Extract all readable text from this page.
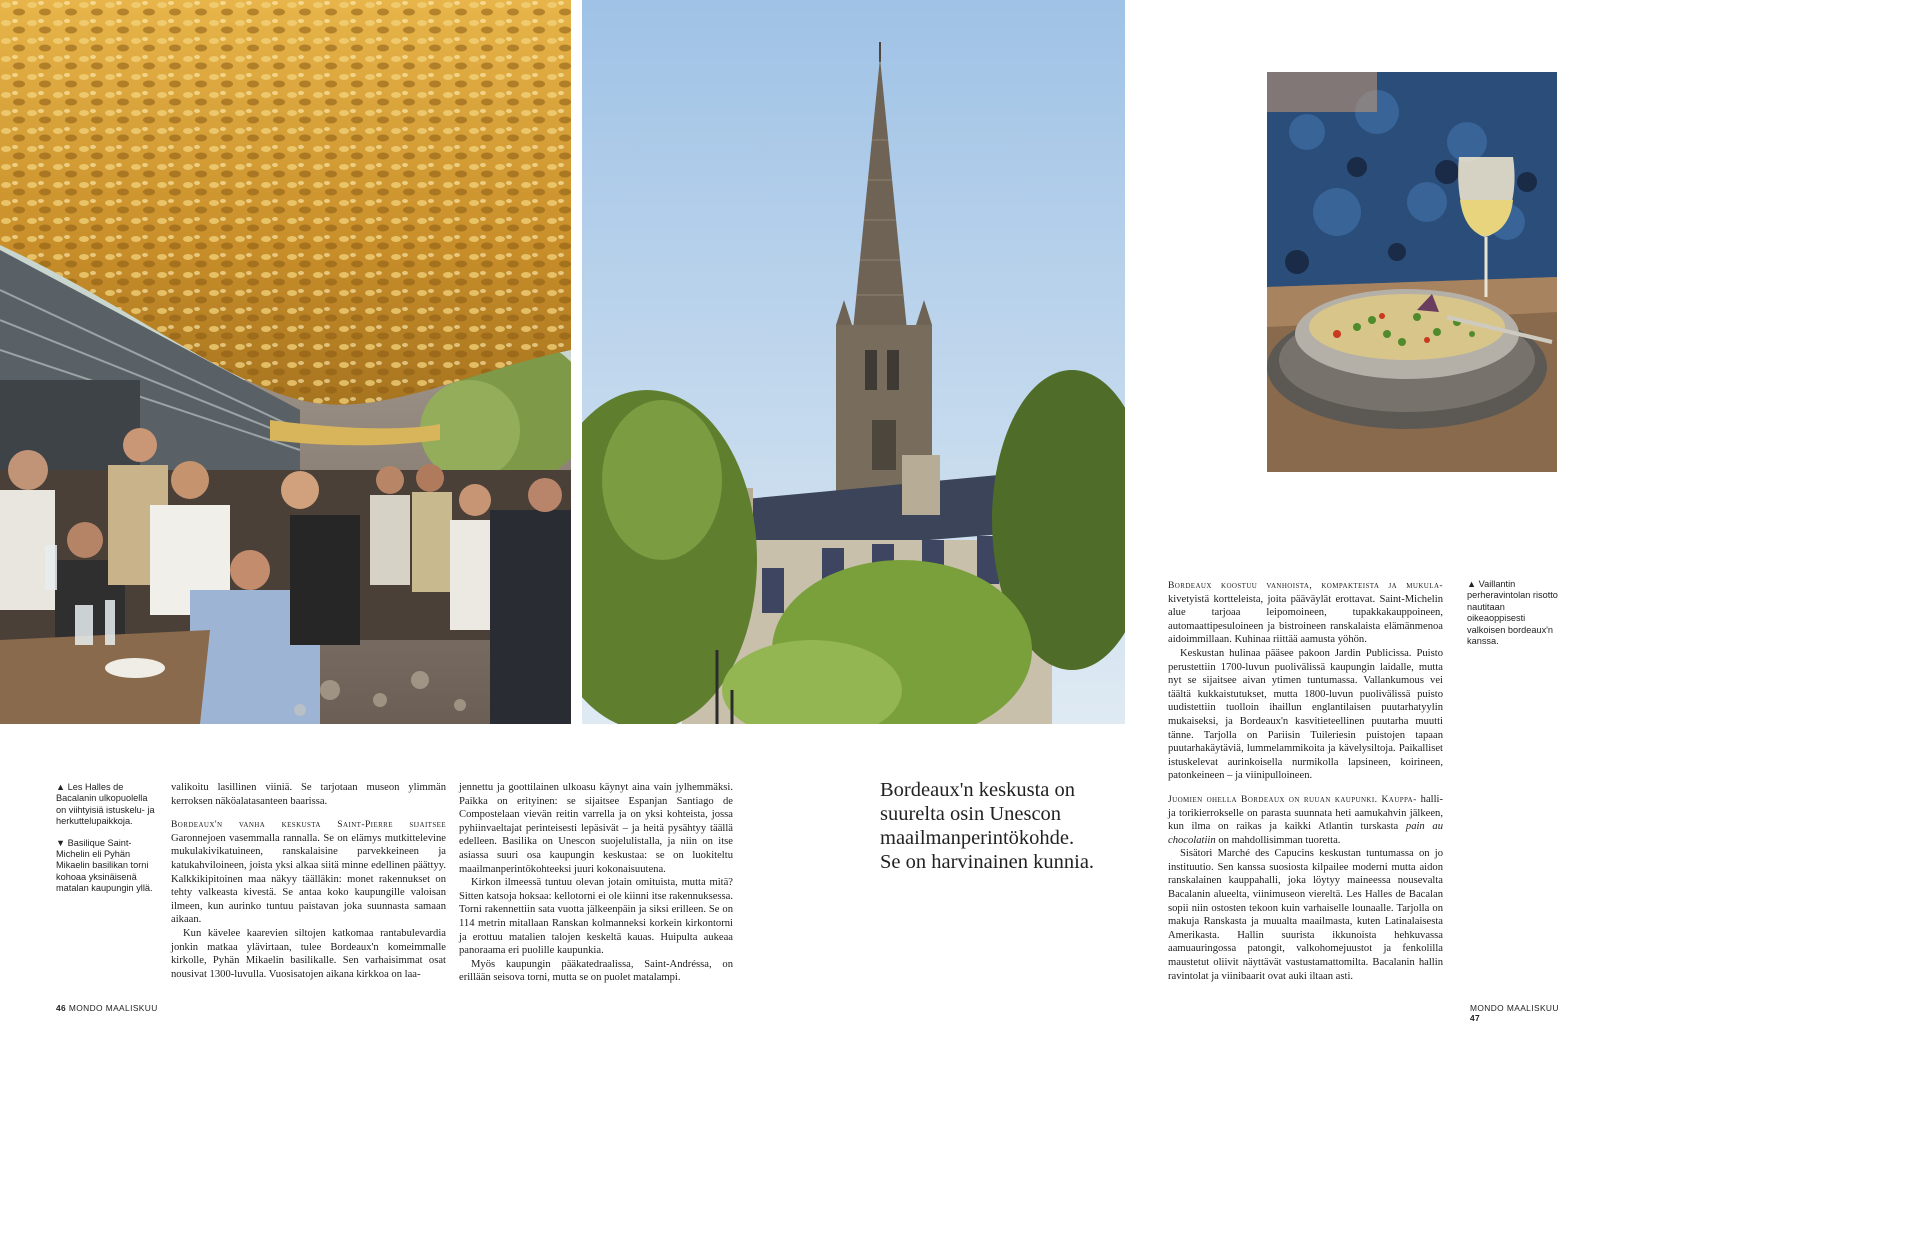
▲ Les Halles de Bacalanin ulkopuolella on viihtyisiä istuskelu- ja herkuttelupaikkoja.

▼ Basilique Saint-Michelin eli Pyhän Mikaelin basilikan torni kohoaa yksinäisenä matalan kaupungin yllä.

valikoitu lasillinen viiniä. Se tarjotaan museon ylimmän kerroksen näköalatasanteen baarissa.

Bordeaux'n vanha keskusta Saint-Pierre sijaitsee Garonnejoen vasemmalla rannalla. Se on elämys mutkittelevine mukulakivikatuineen, ranskalaisine parvekkeineen ja katukahviloineen, joista yksi alkaa siitä minne edellinen päättyy. Kalkkikipitoinen maa näkyy täälläkin: monet rakennukset on tehty valkeasta kivestä. Se antaa koko kaupungille valoisan ilmeen, kun aurinko tuntuu paistavan joka suunnasta samaan aikaan.

Kun kävelee kaarevien siltojen katkomaa rantabulevardia jonkin matkaa ylävirtaan, tulee Bordeaux'n komeimmalle kirkolle, Pyhän Mikaelin basilikalle. Sen varhaisimmat osat nousivat 1300-luvulla. Vuosisatojen aikana kirkkoa on laa-

jennettu ja goottilainen ulkoasu käynyt aina vain jylhemmäksi. Paikka on erityinen: se sijaitsee Espanjan Santiago de Compostelaan vievän reitin varrella ja on yksi kohteista, jossa pyhiinvaeltajat perinteisesti lepäsivät – ja heitä pysähtyy täällä edelleen. Basilika on Unescon suojelulistalla, ja niin on itse asiassa suuri osa kaupungin keskustaa: se on luokiteltu maailmanperintökohteeksi juuri kokonaisuutena.

Kirkon ilmeessä tuntuu olevan jotain omituista, mutta mitä? Sitten katsoja hoksaa: kellotorni ei ole kiinni itse rakennuksessa. Torni rakennettiin sata vuotta jälkeenpäin ja siksi erilleen. Se on 114 metrin mitallaan Ranskan kolmanneksi korkein kirkontorni ja erottuu matalien talojen keskeltä kauas. Huipulta aukeaa panoraama eri puolille kaupunkia.

Myös kaupungin pääkatedraalissa, Saint-Andréssa, on erillään seisova torni, mutta se on puolet matalampi.

Bordeaux'n keskusta on
suurelta osin Unescon
maailmanperintökohde.
Se on harvinainen kunnia.

Bordeaux koostuu vanhoista, kompakteista ja mukula- kivetyistä kortteleista, joita pääväylät erottavat. Saint-Michelin alue tarjoaa leipomoineen, tupakkakauppoineen, automaattipesuloineen ja bistroineen ranskalaista elämänmenoa aidoimmillaan. Kuhinaa riittää aamusta yöhön.

Keskustan hulinaa pääsee pakoon Jardin Publicissa. Puisto perustettiin 1700-luvun puolivälissä kaupungin laidalle, mutta nyt se sijaitsee aivan ytimen tuntumassa. Vallankumous vei täältä kukkaistutukset, mutta 1800-luvun puolivälissä puisto uudistettiin tuolloin ihaillun englantilaisen puutarhatyylin mukaiseksi, ja Bordeaux'n kasvitieteellinen puutarha muutti tänne. Tarjolla on Pariisin Tuileriesin puistojen tapaan puutarhakäytäviä, lummelammikoita ja kävelysiltoja. Paikalliset istuskelevat aurinkoisella nurmikolla lapsineen, koirineen, patonkeineen – ja viinipulloineen.

Juomien ohella Bordeaux on ruuan kaupunki. Kauppa- halli- ja torikierrokselle on parasta suunnata heti aamukahvin jälkeen, kun ilma on raikas ja kaikki Atlantin turskasta pain au chocolatiin on mahdollisimman tuoretta.

Sisätori Marché des Capucins keskustan tuntumassa on jo instituutio. Sen kanssa suosiosta kilpailee moderni mutta aidon ranskalainen kauppahalli, joka löytyy maineessa nousevalta Bacalanin alueelta, viinimuseon viereltä. Les Halles de Bacalan sopii niin ostosten tekoon kuin varhaiselle lounaalle. Tarjolla on makuja Ranskasta ja muualta maailmasta, kuten Latinalaisesta Amerikasta. Hallin suurista ikkunoista hehkuvassa aamuauringossa patongit, valkohomejuustot ja fenkolilla maustetut oliivit näyttävät vastustamattomilta. Bacalanin hallin ravintolat ja viinibaarit ovat auki iltaan asti.

▲ Vaillantin perheravintolan risotto nautitaan oikeaoppisesti valkoisen bordeaux'n kanssa.

46 MONDO MAALISKUU	MONDO MAALISKUU 47
